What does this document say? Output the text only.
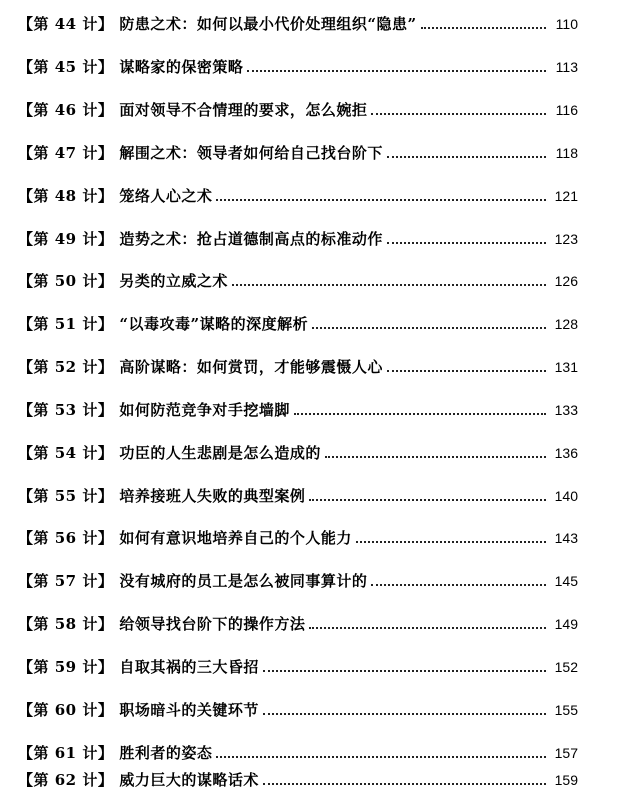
【第 44 计】 防患之术：如何以最小代价处理组织“隐患”	110
【第 45 计】 谋略家的保密策略	113
【第 46 计】 面对领导不合情理的要求，怎么婉拒	116
【第 47 计】 解围之术：领导者如何给自己找台阶下	118
【第 48 计】 笼络人心之术	121
【第 49 计】 造势之术：抢占道德制高点的标准动作	123
【第 50 计】 另类的立威之术	126
【第 51 计】 “以毒攻毒”谋略的深度解析	128
【第 52 计】 高阶谋略：如何赏罚，才能够震慑人心	131
【第 53 计】 如何防范竞争对手挖墙脚	133
【第 54 计】 功臣的人生悲剧是怎么造成的	136
【第 55 计】 培养接班人失败的典型案例	140
【第 56 计】 如何有意识地培养自己的个人能力	143
【第 57 计】 没有城府的员工是怎么被同事算计的	145
【第 58 计】 给领导找台阶下的操作方法	149
【第 59 计】 自取其祸的三大昏招	152
【第 60 计】 职场暗斗的关键环节	155
【第 61 计】 胜利者的姿态	157
【第 62 计】 威力巨大的谋略话术	159
